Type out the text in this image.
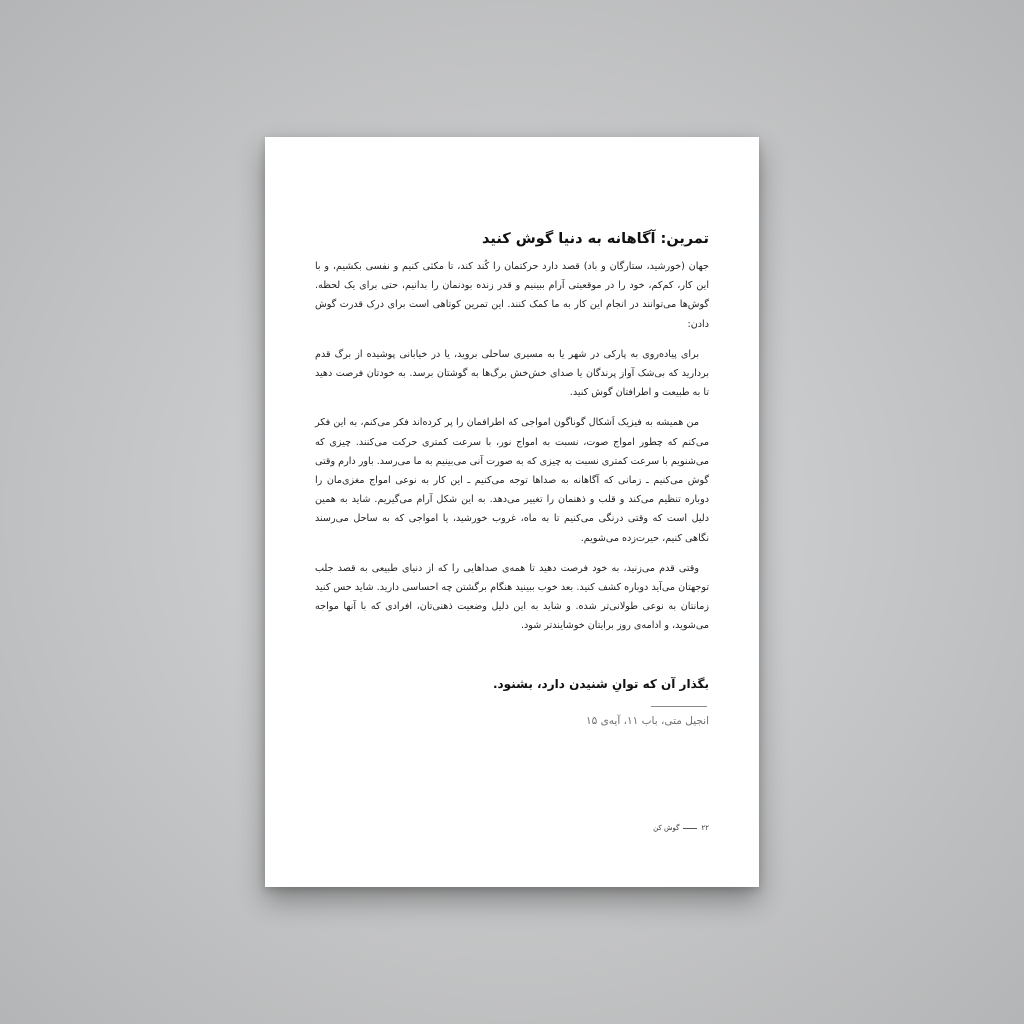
تمرین: آگاهانه به دنیا گوش کنید

جهان (خورشید، ستارگان و باد) قصد دارد حرکتمان را کُند کند، تا مکثی کنیم و نفسی بکشیم، و با این کار، کم‌کم، خود را در موقعیتی آرام ببینیم و قدر زنده بودنمان را بدانیم، حتی برای یک لحظه. گوش‌ها می‌توانند در انجام این کار به ما کمک کنند. این تمرین کوتاهی است برای درک قدرت گوش دادن:

برای پیاده‌روی به پارکی در شهر یا به مسیری ساحلی بروید، یا در خیابانی پوشیده از برگ قدم بردارید که بی‌شک آواز پرندگان یا صدای خش‌خش برگ‌ها به گوشتان برسد. به خودتان فرصت دهید تا به طبیعت و اطرافتان گوش کنید.

من همیشه به فیزیک اَشکال گوناگون امواجی که اطرافمان را پر کرده‌اند فکر می‌کنم، به این فکر می‌کنم که چطور امواج صوت، نسبت به امواج نور، با سرعت کمتری حرکت می‌کنند. چیزی که می‌شنویم با سرعت کمتری نسبت به چیزی که به صورت آنی می‌بینیم به ما می‌رسد. باور دارم وقتی گوش می‌کنیم ـ زمانی که آگاهانه به صداها توجه می‌کنیم ـ این کار به نوعی امواج مغزی‌مان را دوباره تنظیم می‌کند و قلب و ذهنمان را تغییر می‌دهد. به این شکل آرام می‌گیریم. شاید به همین دلیل است که وقتی درنگی می‌کنیم تا به ماه، غروب خورشید، یا امواجی که به ساحل می‌رسند نگاهی کنیم، حیرت‌زده می‌شویم.

وقتی قدم می‌زنید، به خود فرصت دهید تا همه‌ی صداهایی را که از دنیای طبیعی به قصد جلب توجهتان می‌آید دوباره کشف کنید. بعد خوب ببینید هنگام برگشتن چه احساسی دارید. شاید حس کنید زمانتان به نوعی طولانی‌تر شده. و شاید به این دلیل وضعیت ذهنی‌تان، افرادی که با آنها مواجه می‌شوید، و ادامه‌ی روز برایتان خوشایندتر شود.

بگذار آن که توانِ شنیدن دارد، بشنود.
انجیل متی، باب ۱۱، آیه‌ی ۱۵
۲۲
گوش کن
